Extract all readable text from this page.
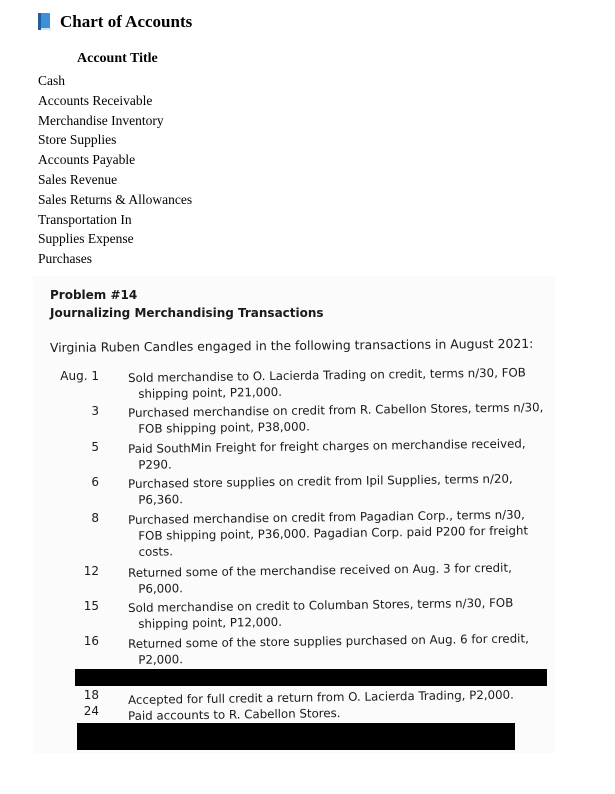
Chart of Accounts
Account Title
Cash
Accounts Receivable
Merchandise Inventory
Store Supplies
Accounts Payable
Sales Revenue
Sales Returns & Allowances
Transportation In
Supplies Expense
Purchases
Problem #14
Journalizing Merchandising Transactions
Virginia Ruben Candles engaged in the following transactions in August 2021:
Aug. 1 Sold merchandise to O. Lacierda Trading on credit, terms n/30, FOB
shipping point, P21,000.
3 Purchased merchandise on credit from R. Cabellon Stores, terms n/30,
FOB shipping point, P38,000.
5 Paid SouthMin Freight for freight charges on merchandise received,
P290.
6 Purchased store supplies on credit from Ipil Supplies, terms n/20,
P6,360.
8 Purchased merchandise on credit from Pagadian Corp., terms n/30,
FOB shipping point, P36,000. Pagadian Corp. paid P200 for freight
costs.
12 Returned some of the merchandise received on Aug. 3 for credit,
P6,000.
15 Sold merchandise on credit to Columban Stores, terms n/30, FOB
shipping point, P12,000.
16 Returned some of the store supplies purchased on Aug. 6 for credit,
P2,000.
18 Accepted for full credit a return from O. Lacierda Trading, P2,000.
24 Paid accounts to R. Cabellon Stores.
